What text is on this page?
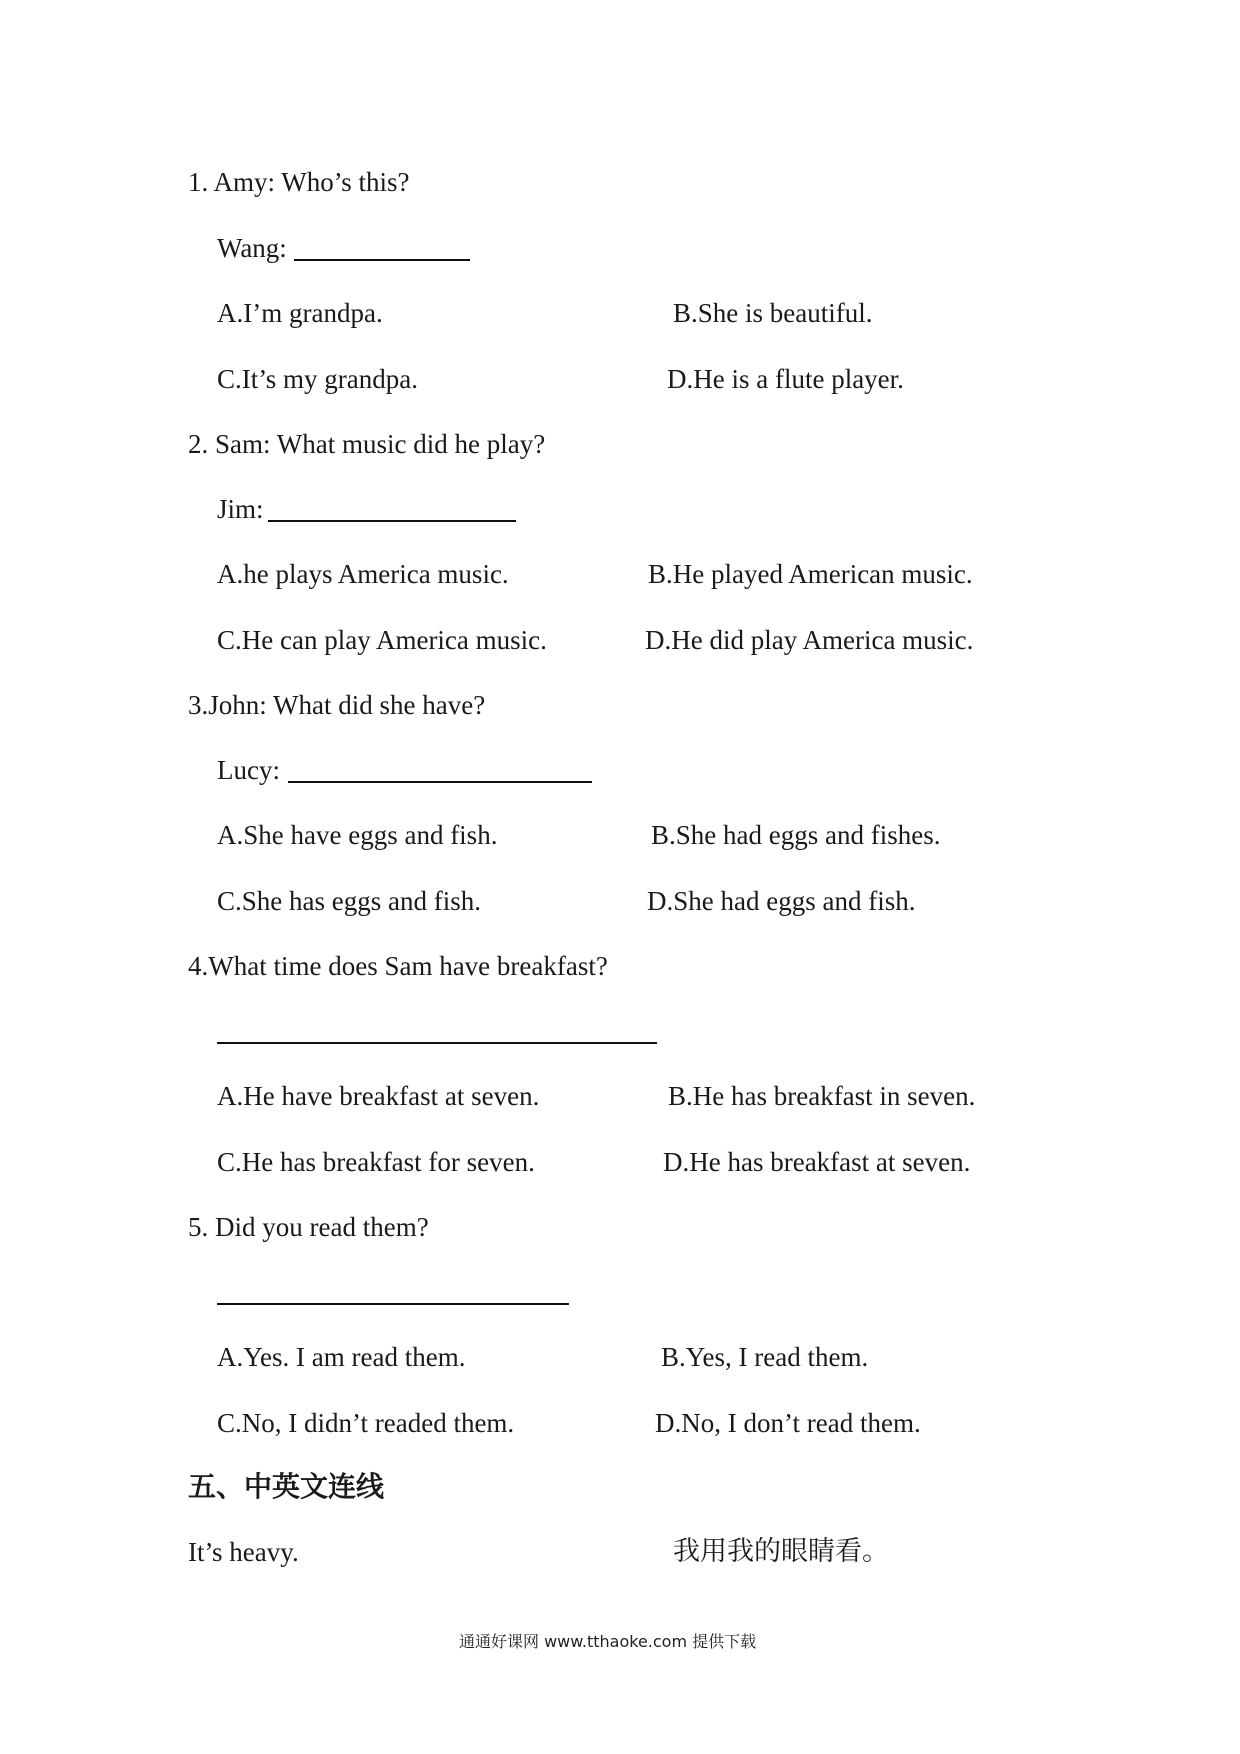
1. Amy: Who’s this?
Wang:
A.I’m grandpa.	B.She is beautiful.
C.It’s my grandpa.	D.He is a flute player.
2. Sam: What music did he play?
Jim:
A.he plays America music.	B.He played American music.
C.He can play America music.	D.He did play America music.
3.John: What did she have?
Lucy:
A.She have eggs and fish.	B.She had eggs and fishes.
C.She has eggs and fish.	D.She had eggs and fish.
4.What time does Sam have breakfast?
A.He have breakfast at seven.	B.He has breakfast in seven.
C.He has breakfast for seven.	D.He has breakfast at seven.
5. Did you read them?
A.Yes. I am read them.	B.Yes, I read them.
C.No, I didn’t readed them.	D.No, I don’t read them.
五、中英文连线
It’s heavy.	我用我的眼睛看。
通通好课网 www.tthaoke.com 提供下载
